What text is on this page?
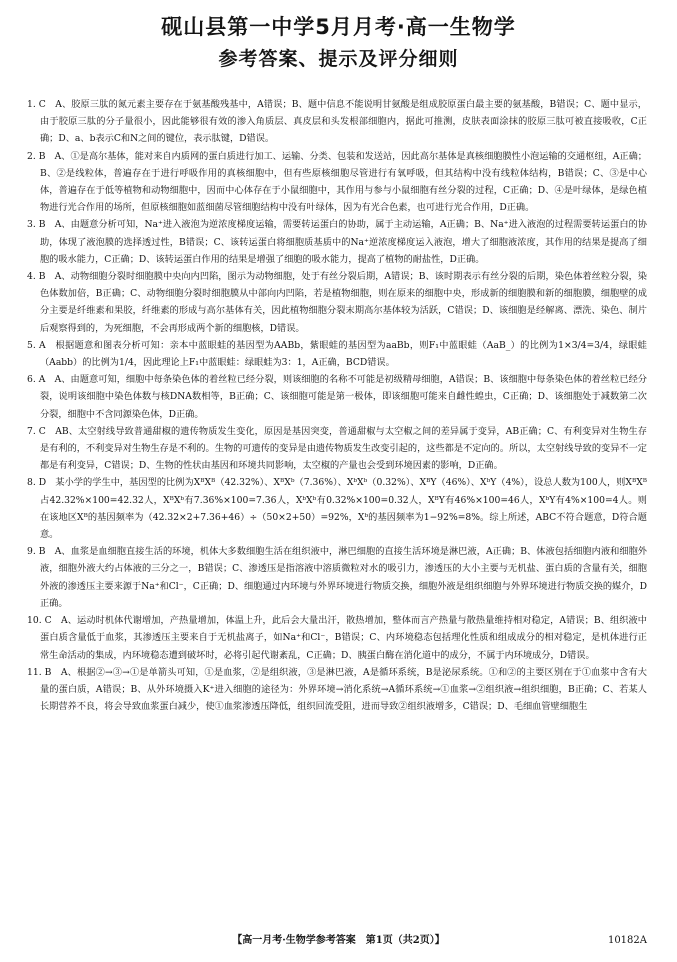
砚山县第一中学5月月考·高一生物学
参考答案、提示及评分细则

1. C　A、胶原三肽的氮元素主要存在于氨基酸残基中，A错误；B、题中信息不能说明甘氨酸是组成胶原蛋白最主要的氨基酸，B错误；C、题中显示，由于胶原三肽的分子量很小，因此能够很有效的渗入角质层、真皮层和头发根部细胞内，据此可推测，皮肤表面涂抹的胶原三肽可被直接吸收，C正确；D、a、b表示C和N之间的键位，表示肽键，D错误。

2. B　A、①是高尔基体，能对来自内质网的蛋白质进行加工、运输、分类、包装和发送站，因此高尔基体是真核细胞膜性小泡运输的交通枢纽，A正确；B、②是线粒体，普遍存在于进行呼吸作用的真核细胞中，但有些原核细胞尽管进行有氧呼吸，但其结构中没有线粒体结构，B错误；C、③是中心体，普遍存在于低等植物和动物细胞中，因而中心体存在于小鼠细胞中，其作用与参与小鼠细胞有丝分裂的过程，C正确；D、④是叶绿体，是绿色植物进行光合作用的场所，但原核细胞如蓝细菌尽管细胞结构中没有叶绿体，因为有光合色素，也可进行光合作用，D正确。

3. B　A、由题意分析可知，Na⁺进入液泡为逆浓度梯度运输，需要转运蛋白的协助，属于主动运输，A正确；B、Na⁺进入液泡的过程需要转运蛋白的协助，体现了液泡膜的选择透过性，B错误；C、该转运蛋白将细胞质基质中的Na⁺逆浓度梯度运入液泡，增大了细胞液浓度，其作用的结果是提高了细胞的吸水能力，C正确；D、该转运蛋白作用的结果是增强了细胞的吸水能力，提高了植物的耐盐性，D正确。

4. B　A、动物细胞分裂时细胞膜中央向内凹陷，图示为动物细胞，处于有丝分裂后期，A错误；B、该时期表示有丝分裂的后期，染色体着丝粒分裂，染色体数加倍，B正确；C、动物细胞分裂时细胞膜从中部向内凹陷，若是植物细胞，则在原来的细胞中央，形成新的细胞膜和新的细胞膜，细胞壁的成分主要是纤维素和果胶，纤维素的形成与高尔基体有关，因此植物细胞分裂末期高尔基体较为活跃，C错误；D、该细胞是经解离、漂洗、染色、制片后观察得到的，为死细胞，不会再形成两个新的细胞核，D错误。

5. A　根据题意和图表分析可知：亲本中蓝眼蛙的基因型为AABb，紫眼蛙的基因型为aaBb，则F₁中蓝眼蛙（AaB_）的比例为1×3/4=3/4，绿眼蛙（Aabb）的比例为1/4，因此理论上F₁中蓝眼蛙：绿眼蛙为3：1，A正确，BCD错误。

6. A　A、由题意可知，细胞中每条染色体的着丝粒已经分裂，则该细胞的名称不可能是初级精母细胞，A错误；B、该细胞中每条染色体的着丝粒已经分裂，说明该细胞中染色体数与核DNA数相等，B正确；C、该细胞可能是第一极体，即该细胞可能来自雌性蝗虫，C正确；D、该细胞处于减数第二次分裂，细胞中不含同源染色体，D正确。

7. C　AB、太空射线导致普通甜椒的遗传物质发生变化，原因是基因突变，普通甜椒与太空椒之间的差异属于变异，AB正确；C、有利变异对生物生存是有利的，不利变异对生物生存是不利的。生物的可遗传的变异是由遗传物质发生改变引起的，这些都是不定向的。所以，太空射线导致的变异不一定都是有利变异，C错误；D、生物的性状由基因和环境共同影响，太空椒的产量也会受到环境因素的影响，D正确。

8. D　某小学的学生中，基因型的比例为XᴮXᴮ（42.32%）、XᴮXᵇ（7.36%）、XᵇXᵇ（0.32%）、XᴮY（46%）、XᵇY（4%），设总人数为100人，则XᴮXᴮ占42.32%×100=42.32人，XᴮXᵇ有7.36%×100=7.36人，XᵇXᵇ有0.32%×100=0.32人，XᴮY有46%×100=46人，XᵇY有4%×100=4人。则在该地区Xᴮ的基因频率为（42.32×2+7.36+46）÷（50×2+50）=92%，Xᵇ的基因频率为1−92%=8%。综上所述，ABC不符合题意，D符合题意。

9. B　A、血浆是血细胞直接生活的环境，机体大多数细胞生活在组织液中，淋巴细胞的直接生活环境是淋巴液，A正确；B、体液包括细胞内液和细胞外液，细胞外液大约占体液的三分之一，B错误；C、渗透压是指溶液中溶质微粒对水的吸引力，渗透压的大小主要与无机盐、蛋白质的含量有关，细胞外液的渗透压主要来源于Na⁺和Cl⁻，C正确；D、细胞通过内环境与外界环境进行物质交换，细胞外液是组织细胞与外界环境进行物质交换的媒介，D正确。

10. C　A、运动时机体代谢增加，产热量增加，体温上升，此后会大量出汗，散热增加，整体而言产热量与散热量维持相对稳定，A错误；B、组织液中蛋白质含量低于血浆，其渗透压主要来自于无机盐离子，如Na⁺和Cl⁻，B错误；C、内环境稳态包括理化性质和组成成分的相对稳定，是机体进行正常生命活动的集成，内环境稳态遭到破坏时，必将引起代谢紊乱，C正确；D、胰蛋白酶在消化道中的成分，不属于内环境成分，D错误。

11. B　A、根据②→③→①是单箭头可知，①是血浆，②是组织液，③是淋巴液，A是循环系统，B是泌尿系统。①和②的主要区别在于①血浆中含有大量的蛋白质，A错误；B、从外环境摄入K⁺进入细胞的途径为：外界环境→消化系统→A循环系统→①血浆→②组织液→组织细胞，B正确；C、若某人长期营养不良，将会导致血浆蛋白减少，使①血浆渗透压降低，组织回流受阻，进而导致②组织液增多，C错误；D、毛细血管壁细胞生

【高一月考·生物学参考答案　第1页（共2页）】	10182A
